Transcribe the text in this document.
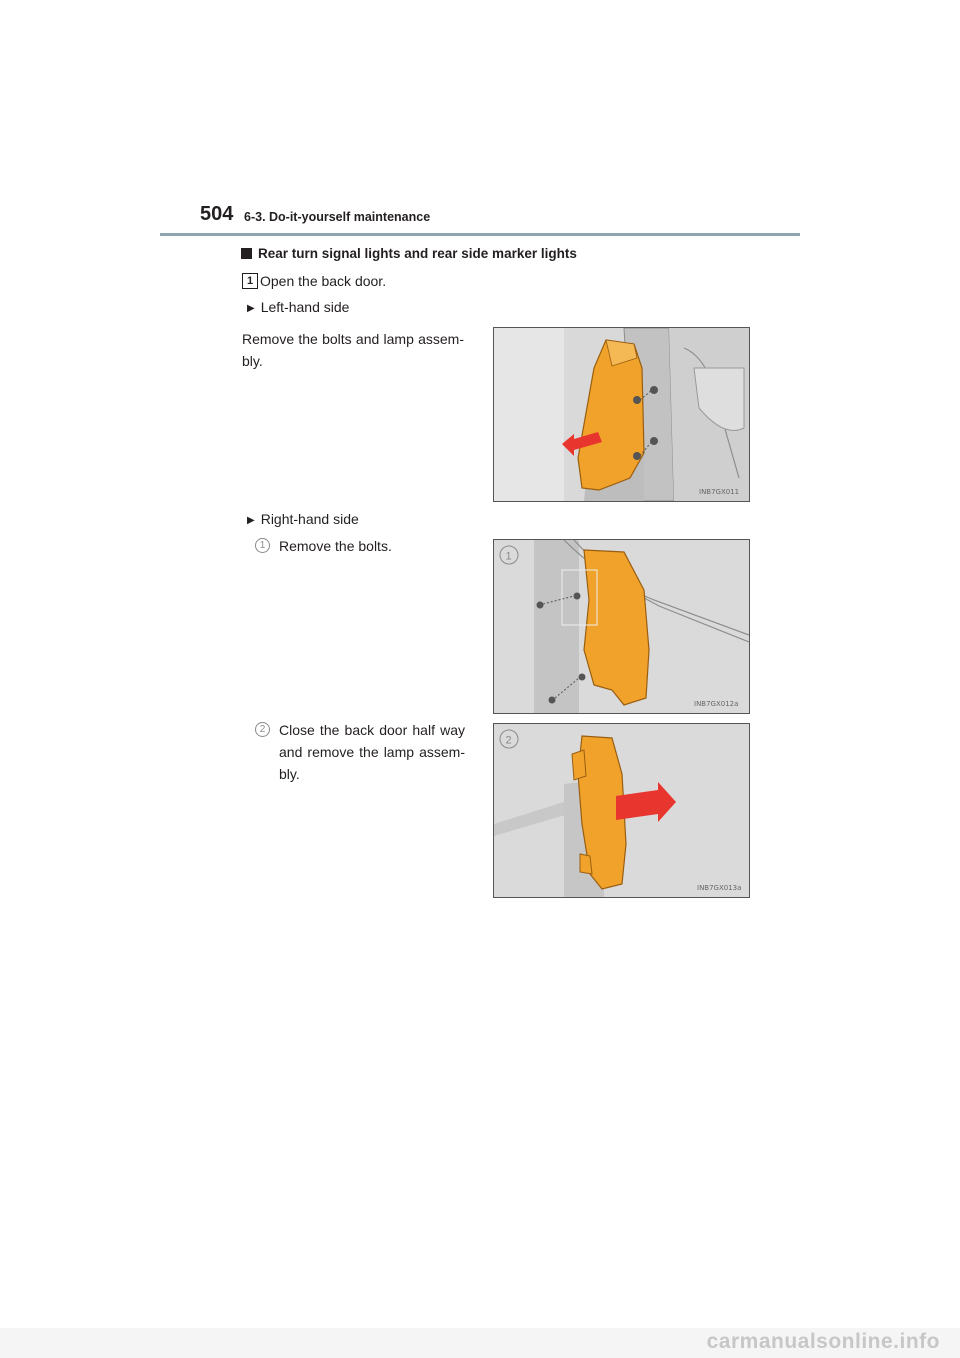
504 6-3. Do-it-yourself maintenance
Rear turn signal lights and rear side marker lights
1 Open the back door.
▶ Left-hand side
Remove the bolts and lamp assem-bly.
INB7GX011
▶ Right-hand side
1 Remove the bolts.
1
INB7GX012a
2 Close the back door half way and remove the lamp assem-bly.
2
INB7GX013a
carmanualsonline.info
